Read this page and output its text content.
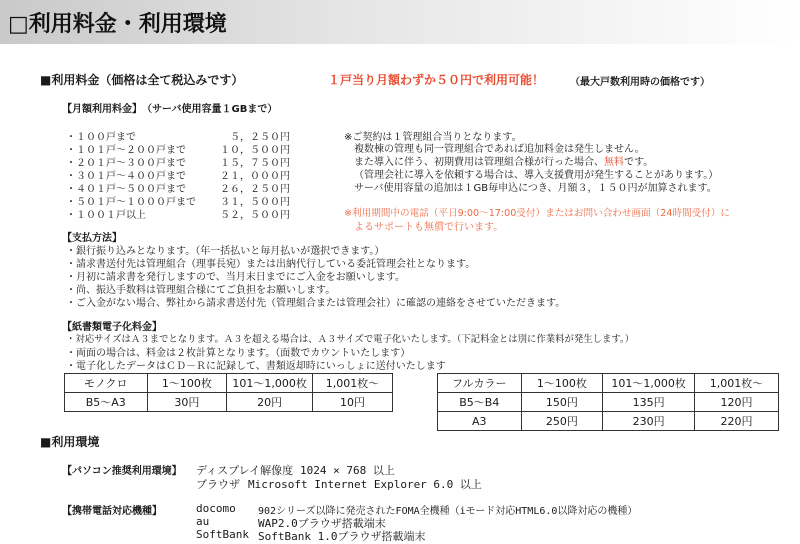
□利用料金・利用環境
■利用料金（価格は全て税込みです）	１戸当り月額わずか５０円で利用可能！	（最大戸数利用時の価格です）
【月額利用料金】　（サーバ使用容量１GBまで）
・１００戸まで	５，２５０円
・１０１戸～２００戸まで	１０，５００円
・２０１戸～３００戸まで	１５，７５０円
・３０１戸～４００戸まで	２１，０００円
・４０１戸～５００戸まで	２６，２５０円
・５０１戸～１０００戸まで	３１，５００円
・１００１戸以上	５２，５００円
※ご契約は１管理組合当りとなります。
複数棟の管理も同一管理組合であれば追加料金は発生しません。
また導入に伴う、初期費用は管理組合様が行った場合、無料です。
（管理会社に導入を依頼する場合は、導入支援費用が発生することがあります。）
サーバ使用容量の追加は１GB毎申込につき、月額３，１５０円が加算されます。
※利用期間中の電話（平日9:00～17:00受付）またはお問い合わせ画面（24時間受付）に
よるサポートも無償で行います。
【支払方法】
・銀行振り込みとなります。（年一括払いと毎月払いが選択できます。）
・請求書送付先は管理組合（理事長宛）または出納代行している委託管理会社となります。
・月初に請求書を発行しますので、当月末日までにご入金をお願いします。
・尚、振込手数料は管理組合様にてご負担をお願いします。
・ご入金がない場合、弊社から請求書送付先（管理組合または管理会社）に確認の連絡をさせていただきます。
【紙書類電子化料金】
・対応サイズはＡ３までとなります。Ａ３を超える場合は、Ａ３サイズで電子化いたします。（下記料金とは別に作業料が発生します。）
・両面の場合は、料金は２枚計算となります。（面数でカウントいたします）
・電子化したデータはＣＤ－Ｒに記録して、書類返却時にいっしょに送付いたします
モノクロ	1～100枚	101～1,000枚	1,001枚～
B5～A3	30円	20円	10円
フルカラー	1～100枚	101～1,000枚	1,001枚～
B5～B4	150円	135円	120円
A3	250円	230円	220円
■利用環境
【パソコン推奨利用環境】 ディスプレイ解像度 1024 × 768 以上
ブラウザ Microsoft Internet Explorer 6.0 以上
【携帯電話対応機種】	docomo 902シリーズ以降に発売されたFOMA全機種（iモード対応HTML6.0以降対応の機種）
au	WAP2.0ブラウザ搭載端末
SoftBank SoftBank 1.0ブラウザ搭載端末
